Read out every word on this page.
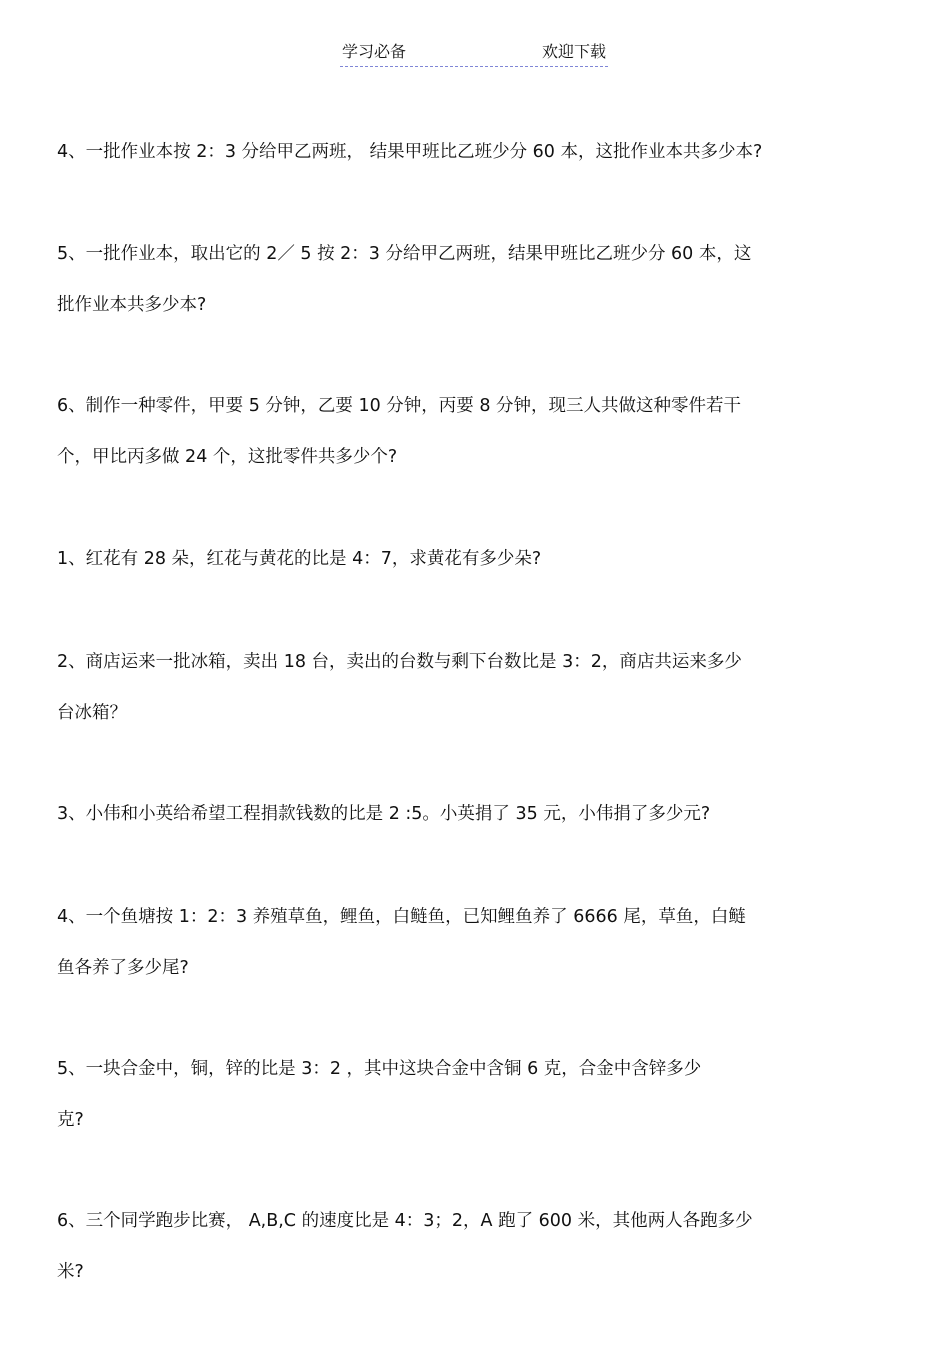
学习必备	欢迎下载
4、一批作业本按 2：3 分给甲乙两班， 结果甲班比乙班少分 60 本，这批作业本共多少本?
5、一批作业本，取出它的 2／ 5 按 2：3 分给甲乙两班，结果甲班比乙班少分 60 本，这
批作业本共多少本?
6、制作一种零件，甲要 5 分钟，乙要 10 分钟，丙要 8 分钟，现三人共做这种零件若干
个，甲比丙多做 24 个，这批零件共多少个?
1、红花有 28 朵，红花与黄花的比是 4：7，求黄花有多少朵?
2、商店运来一批冰箱，卖出 18 台，卖出的台数与剩下台数比是 3：2，商店共运来多少
台冰箱？
3、小伟和小英给希望工程捐款钱数的比是 2 :5。小英捐了 35 元，小伟捐了多少元?
4、一个鱼塘按 1：2：3 养殖草鱼，鲤鱼，白鲢鱼，已知鲤鱼养了 6666 尾，草鱼，白鲢
鱼各养了多少尾?
5、一块合金中，铜，锌的比是 3：2 ，其中这块合金中含铜 6 克，合金中含锌多少
克?
6、三个同学跑步比赛， A,B,C 的速度比是 4：3；2，A 跑了 600 米，其他两人各跑多少
米?
